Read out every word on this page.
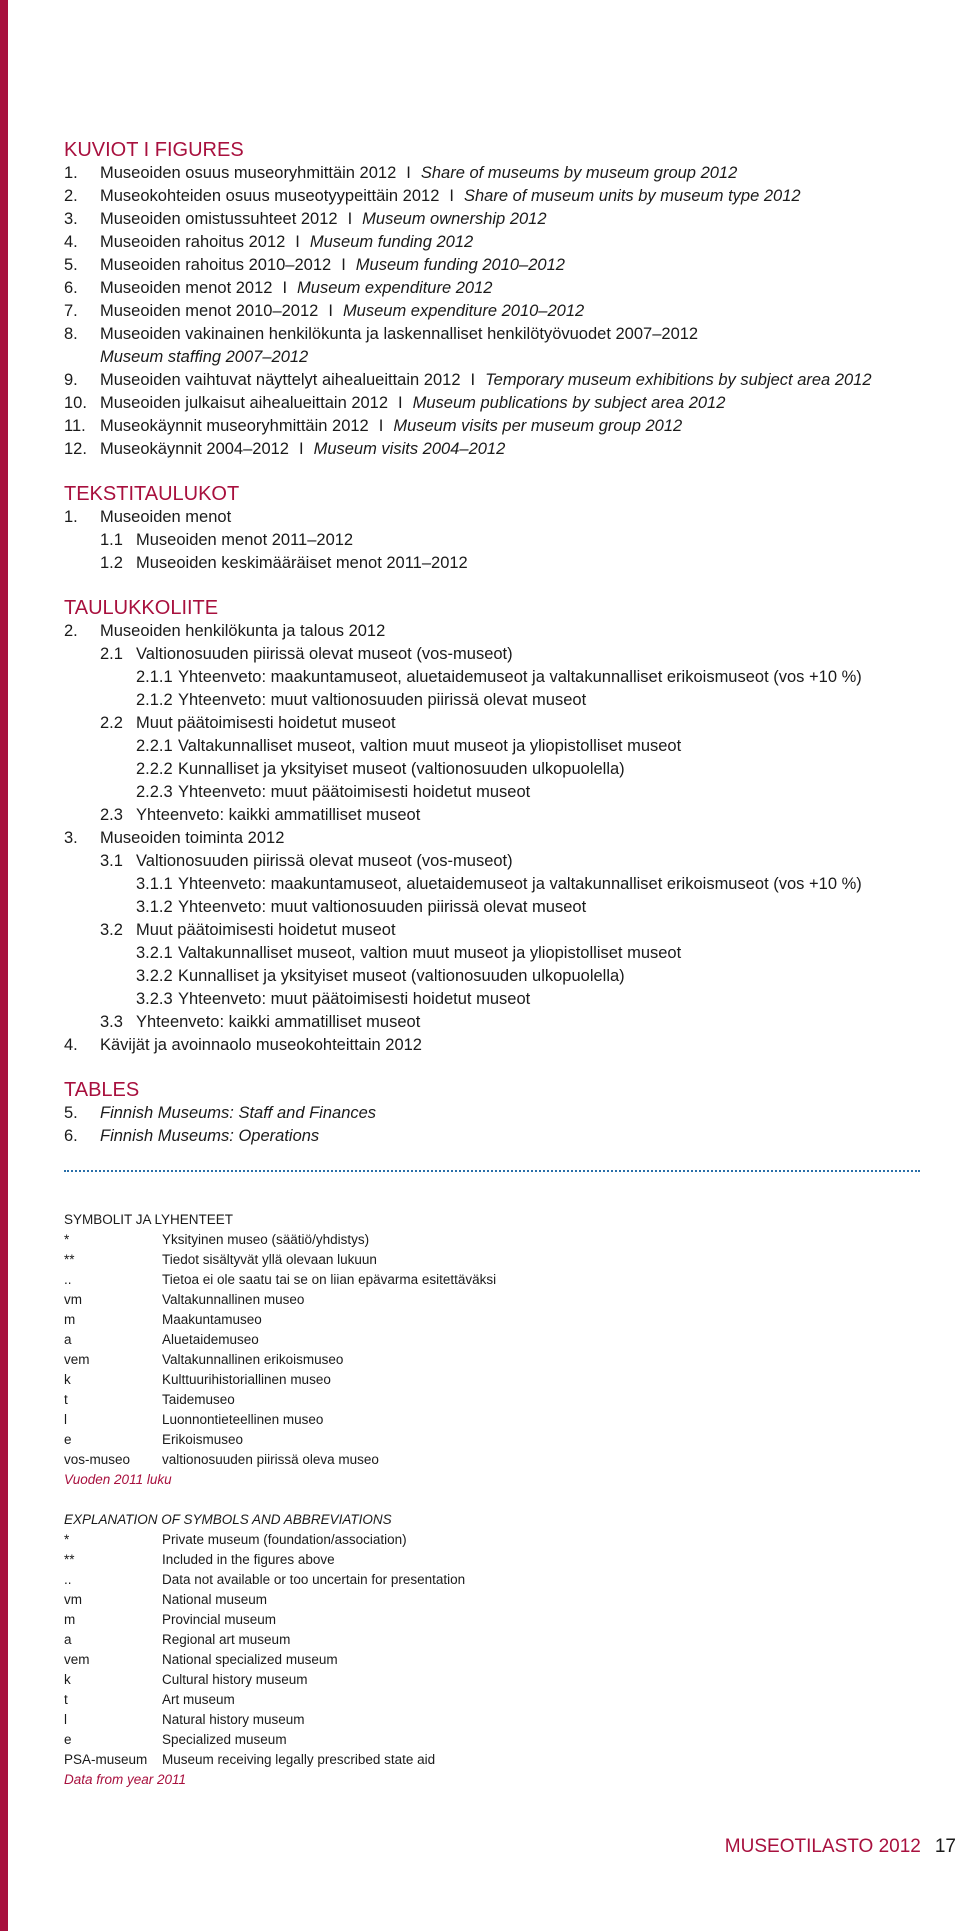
KUVIOT I FIGURES
1.	Museoiden osuus museoryhmittäin 2012 I Share of museums by museum group 2012
2.	Museokohteiden osuus museotyypeittäin 2012 I Share of museum units by museum type 2012
3.	Museoiden omistussuhteet 2012 I Museum ownership 2012
4.	Museoiden rahoitus 2012 I Museum funding 2012
5.	Museoiden rahoitus 2010–2012 I Museum funding 2010–2012
6.	Museoiden menot 2012 I Museum expenditure 2012
7.	Museoiden menot 2010–2012 I Museum expenditure 2010–2012
8.	Museoiden vakinainen henkilökunta ja laskennalliset henkilötyövuodet 2007–2012
Museum staffing 2007–2012
9.	Museoiden vaihtuvat näyttelyt aihealueittain 2012 I Temporary museum exhibitions by subject area 2012
10. Museoiden julkaisut aihealueittain 2012 I Museum publications by subject area 2012
11. Museokäynnit museoryhmittäin 2012 I Museum visits per museum group 2012
12. Museokäynnit 2004–2012 I Museum visits 2004–2012
TEKSTITAULUKOT
1.	Museoiden menot
1.1 Museoiden menot 2011–2012
1.2 Museoiden keskimääräiset menot 2011–2012
TAULUKKOLIITE
2.	Museoiden henkilökunta ja talous 2012
2.1 Valtionosuuden piirissä olevat museot (vos-museot)
2.1.1 Yhteenveto: maakuntamuseot, aluetaidemuseot ja valtakunnalliset erikoismuseot (vos +10 %)
2.1.2 Yhteenveto: muut valtionosuuden piirissä olevat museot
2.2 Muut päätoimisesti hoidetut museot
2.2.1 Valtakunnalliset museot, valtion muut museot ja yliopistolliset museot
2.2.2 Kunnalliset ja yksityiset museot (valtionosuuden ulkopuolella)
2.2.3 Yhteenveto: muut päätoimisesti hoidetut museot
2.3 Yhteenveto: kaikki ammatilliset museot
3.	Museoiden toiminta 2012
3.1 Valtionosuuden piirissä olevat museot (vos-museot)
3.1.1 Yhteenveto: maakuntamuseot, aluetaidemuseot ja valtakunnalliset erikoismuseot (vos +10 %)
3.1.2 Yhteenveto: muut valtionosuuden piirissä olevat museot
3.2 Muut päätoimisesti hoidetut museot
3.2.1 Valtakunnalliset museot, valtion muut museot ja yliopistolliset museot
3.2.2 Kunnalliset ja yksityiset museot (valtionosuuden ulkopuolella)
3.2.3 Yhteenveto: muut päätoimisesti hoidetut museot
3.3 Yhteenveto: kaikki ammatilliset museot
4.	Kävijät ja avoinnaolo museokohteittain 2012
TABLES
5.	Finnish Museums: Staff and Finances
6.	Finnish Museums: Operations
SYMBOLIT JA LYHENTEET
*	Yksityinen museo (säätiö/yhdistys)
**	Tiedot sisältyvät yllä olevaan lukuun
..	Tietoa ei ole saatu tai se on liian epävarma esitettäväksi
vm	Valtakunnallinen museo
m	Maakuntamuseo
a	Aluetaidemuseo
vem	Valtakunnallinen erikoismuseo
k	Kulttuurihistoriallinen museo
t	Taidemuseo
l	Luonnontieteellinen museo
e	Erikoismuseo
vos-museo	valtionosuuden piirissä oleva museo
Vuoden 2011 luku
EXPLANATION OF SYMBOLS AND ABBREVIATIONS
*	Private museum (foundation/association)
**	Included in the figures above
..	Data not available or too uncertain for presentation
vm	National museum
m	Provincial museum
a	Regional art museum
vem	National specialized museum
k	Cultural history museum
t	Art museum
l	Natural history museum
e	Specialized museum
PSA-museum	Museum receiving legally prescribed state aid
Data from year 2011
MUSEOTILASTO 2012 17
